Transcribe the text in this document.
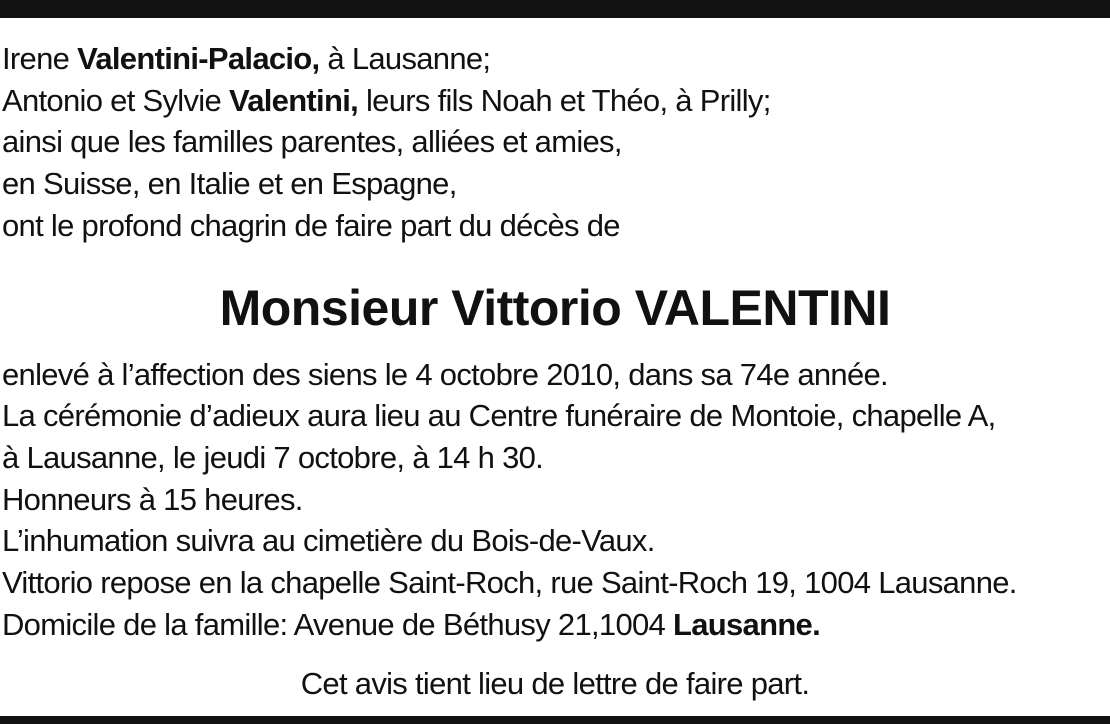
Irene Valentini-Palacio, à Lausanne;
Antonio et Sylvie Valentini, leurs fils Noah et Théo, à Prilly;
ainsi que les familles parentes, alliées et amies,
en Suisse, en Italie et en Espagne,
ont le profond chagrin de faire part du décès de
Monsieur Vittorio VALENTINI
enlevé à l’affection des siens le 4 octobre 2010, dans sa 74e année.
La cérémonie d’adieux aura lieu au Centre funéraire de Montoie, chapelle A,
à Lausanne, le jeudi 7 octobre, à 14 h 30.
Honneurs à 15 heures.
L’inhumation suivra au cimetière du Bois-de-Vaux.
Vittorio repose en la chapelle Saint-Roch, rue Saint-Roch 19, 1004 Lausanne.
Domicile de la famille: Avenue de Béthusy 21,1004 Lausanne.
Cet avis tient lieu de lettre de faire part.
